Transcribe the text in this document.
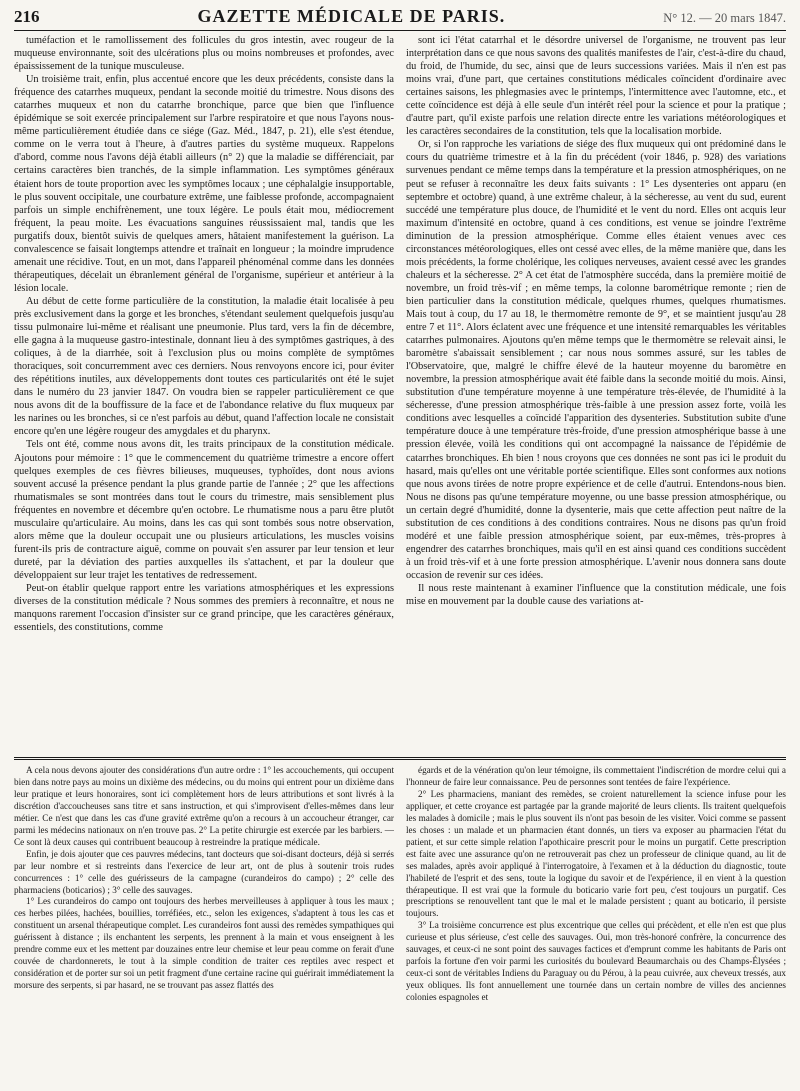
216	GAZETTE MÉDICALE DE PARIS.	N° 12. — 20 mars 1847.

tuméfaction et le ramollissement des follicules du gros intestin, avec rougeur de la muqueuse environnante, soit des ulcérations plus ou moins nombreuses et profondes, avec épaississement de la tunique musculeuse.

Un troisième trait, enfin, plus accentué encore que les deux précédents, consiste dans la fréquence des catarrhes muqueux, pendant la seconde moitié du trimestre. Nous disons des catarrhes muqueux et non du catarrhe bronchique, parce que bien que l'influence épidémique se soit exercée principalement sur l'arbre respiratoire et que nous l'ayons nous-même particulièrement étudiée dans ce siége (Gaz. Méd., 1847, p. 21), elle s'est étendue, comme on le verra tout à l'heure, à d'autres parties du système muqueux. Rappelons d'abord, comme nous l'avons déjà établi ailleurs (n° 2) que la maladie se différenciait, par certains caractères bien tranchés, de la simple inflammation. Les symptômes généraux étaient hors de toute proportion avec les symptômes locaux ; une céphalalgie insupportable, le plus souvent occipitale, une courbature extrême, une faiblesse profonde, accompagnaient parfois un simple enchifrènement, une toux légère. Le pouls était mou, médiocrement fréquent, la peau moite. Les évacuations sanguines réussissaient mal, tandis que les purgatifs doux, bientôt suivis de quelques amers, hâtaient manifestement la guérison. La convalescence se faisait longtemps attendre et traînait en longueur ; la moindre imprudence amenait une récidive. Tout, en un mot, dans l'appareil phénoménal comme dans les données thérapeutiques, décelait un ébranlement général de l'organisme, supérieur et antérieur à la lésion locale.

Au début de cette forme particulière de la constitution, la maladie était localisée à peu près exclusivement dans la gorge et les bronches, s'étendant seulement quelquefois jusqu'au tissu pulmonaire lui-même et réalisant une pneumonie. Plus tard, vers la fin de décembre, elle gagna à la muqueuse gastro-intestinale, donnant lieu à des symptômes gastriques, à des coliques, à de la diarrhée, soit à l'exclusion plus ou moins complète de symptômes thoraciques, soit concurremment avec ces derniers. Nous renvoyons encore ici, pour éviter des répétitions inutiles, aux développements dont toutes ces particularités ont été le sujet dans le numéro du 23 janvier 1847. On voudra bien se rappeler particulièrement ce que nous avons dit de la bouffissure de la face et de l'abondance relative du flux muqueux par les narines ou les bronches, si ce n'est parfois au début, quand l'affection locale ne consistait encore qu'en une légère rougeur des amygdales et du pharynx.

Tels ont été, comme nous avons dit, les traits principaux de la constitution médicale. Ajoutons pour mémoire : 1° que le commencement du quatrième trimestre a encore offert quelques exemples de ces fièvres bilieuses, muqueuses, typhoïdes, dont nous avions souvent accusé la présence pendant la plus grande partie de l'année ; 2° que les affections rhumatismales se sont montrées dans tout le cours du trimestre, mais sensiblement plus fréquentes en novembre et décembre qu'en octobre. Le rhumatisme nous a paru être plutôt musculaire qu'articulaire. Au moins, dans les cas qui sont tombés sous notre observation, alors même que la douleur occupait une ou plusieurs articulations, les muscles voisins furent-ils pris de contracture aiguë, comme on pouvait s'en assurer par leur tension et leur dureté, par la déviation des parties auxquelles ils s'attachent, et par la douleur que développaient sur leur trajet les tentatives de redressement.

Peut-on établir quelque rapport entre les variations atmosphériques et les expressions diverses de la constitution médicale ? Nous sommes des premiers à reconnaître, et nous ne manquons rarement l'occasion d'insister sur ce grand principe, que les caractères généraux, essentiels, des constitutions, comme

sont ici l'état catarrhal et le désordre universel de l'organisme, ne trouvent pas leur interprétation dans ce que nous savons des qualités manifestes de l'air, c'est-à-dire du chaud, du froid, de l'humide, du sec, ainsi que de leurs successions variées. Mais il n'en est pas moins vrai, d'une part, que certaines constitutions médicales coïncident d'ordinaire avec certaines saisons, les phlegmasies avec le printemps, l'intermittence avec l'automne, etc., et cette coïncidence est déjà à elle seule d'un intérêt réel pour la science et pour la pratique ; d'autre part, qu'il existe parfois une relation directe entre les variations météorologiques et les caractères secondaires de la constitution, tels que la localisation morbide.

Or, si l'on rapproche les variations de siége des flux muqueux qui ont prédominé dans le cours du quatrième trimestre et à la fin du précédent (voir 1846, p. 928) des variations survenues pendant ce même temps dans la température et la pression atmosphériques, on ne peut se refuser à reconnaître les deux faits suivants : 1° Les dysenteries ont apparu (en septembre et octobre) quand, à une extrême chaleur, à la sécheresse, au vent du sud, eurent succédé une température plus douce, de l'humidité et le vent du nord. Elles ont acquis leur maximum d'intensité en octobre, quand à ces conditions, est venue se joindre l'extrême diminution de la pression atmosphérique. Comme elles étaient venues avec ces circonstances météorologiques, elles ont cessé avec elles, de la même manière que, dans les mois précédents, la forme cholérique, les coliques nerveuses, avaient cessé avec les grandes chaleurs et la sécheresse. 2° A cet état de l'atmosphère succéda, dans la première moitié de novembre, un froid très-vif ; en même temps, la colonne barométrique remonte ; rien de bien particulier dans la constitution médicale, quelques rhumes, quelques rhumatismes. Mais tout à coup, du 17 au 18, le thermomètre remonte de 9°, et se maintient jusqu'au 28 entre 7 et 11°. Alors éclatent avec une fréquence et une intensité remarquables les véritables catarrhes pulmonaires. Ajoutons qu'en même temps que le thermomètre se relevait ainsi, le baromètre s'abaissait sensiblement ; car nous nous sommes assuré, sur les tables de l'Observatoire, que, malgré le chiffre élevé de la hauteur moyenne du baromètre en novembre, la pression atmosphérique avait été faible dans la seconde moitié du mois. Ainsi, substitution d'une température moyenne à une température très-élevée, de l'humidité à la sécheresse, d'une pression atmosphérique très-faible à une pression assez forte, voilà les conditions avec lesquelles a coïncidé l'apparition des dysenteries. Substitution subite d'une température douce à une température très-froide, d'une pression atmosphérique basse à une pression élevée, voilà les conditions qui ont accompagné la naissance de l'épidémie de catarrhes bronchiques. Eh bien ! nous croyons que ces données ne sont pas ici le produit du hasard, mais qu'elles ont une véritable portée scientifique. Elles sont conformes aux notions que nous avons tirées de notre propre expérience et de celle d'autrui. Entendons-nous bien. Nous ne disons pas qu'une température moyenne, ou une basse pression atmosphérique, ou un certain degré d'humidité, donne la dysenterie, mais que cette affection peut naître de la substitution de ces conditions à des conditions contraires. Nous ne disons pas qu'un froid modéré et une faible pression atmosphérique soient, par eux-mêmes, très-propres à engendrer des catarrhes bronchiques, mais qu'il en est ainsi quand ces conditions succèdent à un froid très-vif et à une forte pression atmosphérique. L'avenir nous donnera sans doute occasion de revenir sur ces idées.

Il nous reste maintenant à examiner l'influence que la constitution médicale, une fois mise en mouvement par la double cause des variations at-

A cela nous devons ajouter des considérations d'un autre ordre : 1° les accouchements, qui occupent bien dans notre pays au moins un dixième des médecins, ou du moins qui entrent pour un dixième dans leur pratique et leurs honoraires, sont ici complètement hors de leurs attributions et sont livrés à la discrétion d'accoucheuses sans titre et sans instruction, et qui s'improvisent d'elles-mêmes dans leur métier. Ce n'est que dans les cas d'une gravité extrême qu'on a recours à un accoucheur étranger, car parmi les médecins nationaux on n'en trouve pas. 2° La petite chirurgie est exercée par les barbiers. — Ce sont là deux causes qui contribuent beaucoup à restreindre la pratique médicale.

Enfin, je dois ajouter que ces pauvres médecins, tant docteurs que soi-disant docteurs, déjà si serrés par leur nombre et si restreints dans l'exercice de leur art, ont de plus à soutenir trois rudes concurrences : 1° celle des guérisseurs de la campagne (curandeiros do campo) ; 2° celle des pharmaciens (boticarios) ; 3° celle des sauvages.

1° Les curandeiros do campo ont toujours des herbes merveilleuses à appliquer à tous les maux ; ces herbes pilées, hachées, bouillies, torréfiées, etc., selon les exigences, s'adaptent à tous les cas et constituent un arsenal thérapeutique complet. Les curandeiros font aussi des remèdes sympathiques qui guérissent à distance ; ils enchantent les serpents, les prennent à la main et vous enseignent à les prendre comme eux et les mettent par douzaines entre leur chemise et leur peau comme on ferait d'une couvée de chardonnerets, le tout à la simple condition de traiter ces reptiles avec respect et considération et de porter sur soi un petit fragment d'une certaine racine qui guérirait immédiatement la morsure des serpents, si par hasard, ne se trouvant pas assez flattés des

égards et de la vénération qu'on leur témoigne, ils commettaient l'indiscrétion de mordre celui qui a l'honneur de faire leur connaissance. Peu de personnes sont tentées de faire l'expérience.

2° Les pharmaciens, maniant des remèdes, se croient naturellement la science infuse pour les appliquer, et cette croyance est partagée par la grande majorité de leurs clients. Ils traitent quelquefois les malades à domicile ; mais le plus souvent ils n'ont pas besoin de les visiter. Voici comme se passent les choses : un malade et un pharmacien étant donnés, un tiers va exposer au pharmacien l'état du patient, et sur cette simple relation l'apothicaire prescrit pour le moins un purgatif. Cette prescription est faite avec une assurance qu'on ne retrouverait pas chez un professeur de clinique quand, au lit de ses malades, après avoir appliqué à l'interrogatoire, à l'examen et à la déduction du diagnostic, toute l'habileté de l'esprit et des sens, toute la logique du savoir et de l'expérience, il en vient à la question thérapeutique. Il est vrai que la formule du boticario varie fort peu, c'est toujours un purgatif. Ces prescriptions se renouvellent tant que le mal et le malade persistent ; quant au boticario, il persiste toujours.

3° La troisième concurrence est plus excentrique que celles qui précèdent, et elle n'en est que plus curieuse et plus sérieuse, c'est celle des sauvages. Oui, mon très-honoré confrère, la concurrence des sauvages, et ceux-ci ne sont point des sauvages factices et d'emprunt comme les habitants de Paris ont parfois la fortune d'en voir parmi les curiosités du boulevard Beaumarchais ou des Champs-Élysées ; ceux-ci sont de véritables Indiens du Paraguay ou du Pérou, à la peau cuivrée, aux cheveux tressés, aux yeux obliques. Ils font annuellement une tournée dans un certain nombre de villes des anciennes colonies espagnoles et
